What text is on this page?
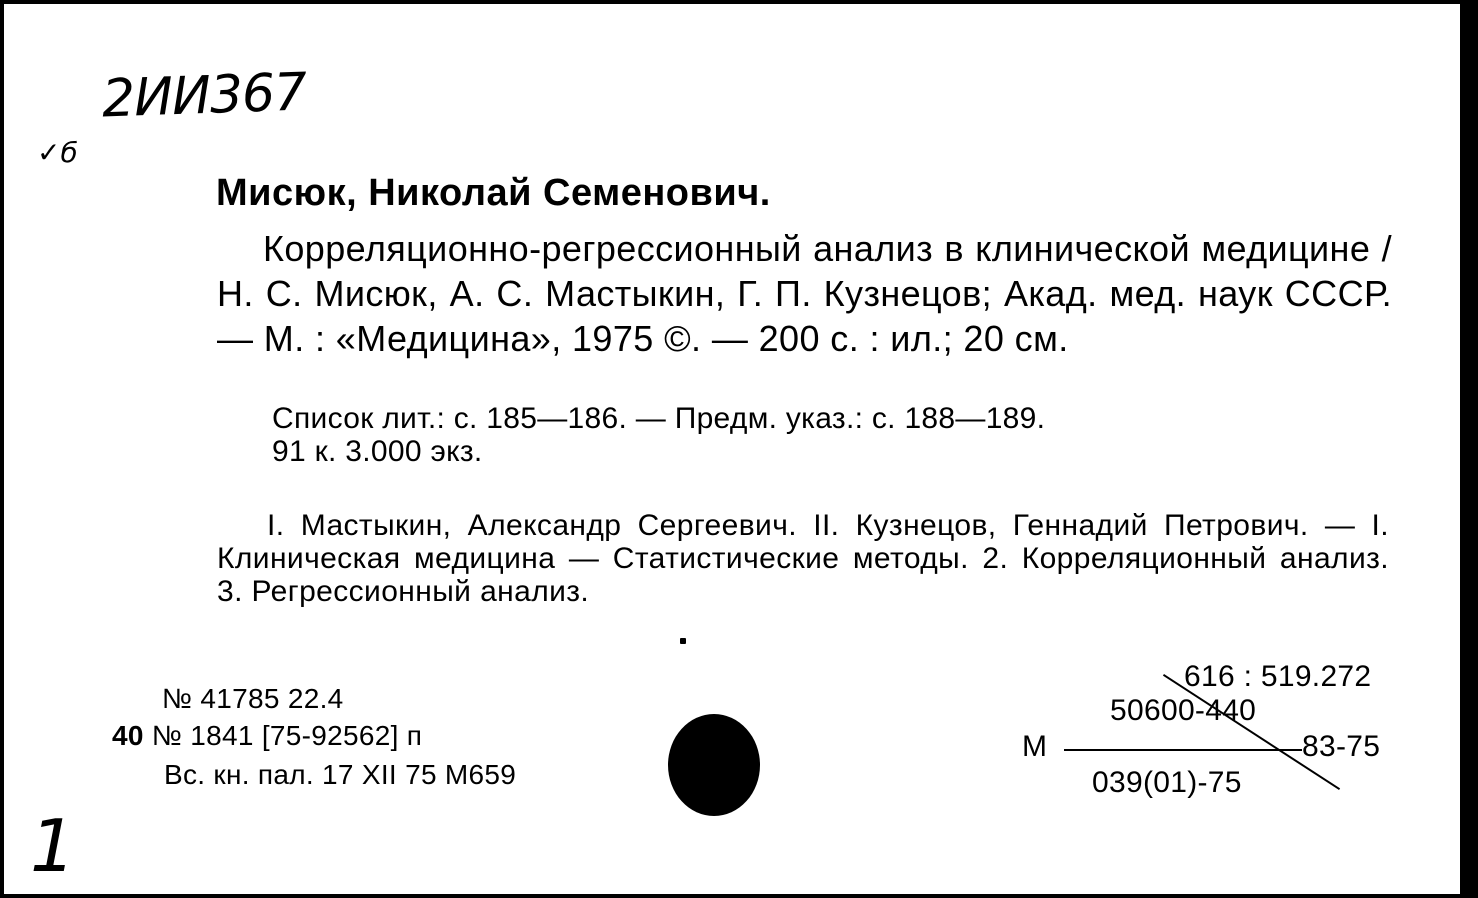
2ИИ367
✓б
1
Мисюк, Николай Семенович.
Корреляционно-регрессионный анализ в клинической медицине / Н. С. Мисюк, А. С. Мастыкин, Г. П. Кузнецов; Акад. мед. наук СССР. — М. : «Медицина», 1975 ©. — 200 с. : ил.; 20 см.
Список лит.: с. 185—186. — Предм. указ.: с. 188—189.
91 к. 3.000 экз.
I. Мастыкин, Александр Сергеевич. II. Кузнецов, Геннадий Петрович. — I. Клиническая медицина — Статистические методы. 2. Корреляционный анализ. 3. Регрессионный анализ.
№ 41785 22.4
40 № 1841 [75-92562] п
Вс. кн. пал. 17 XII 75 М659
616 : 519.272
50600-440
М	83-75
039(01)-75
